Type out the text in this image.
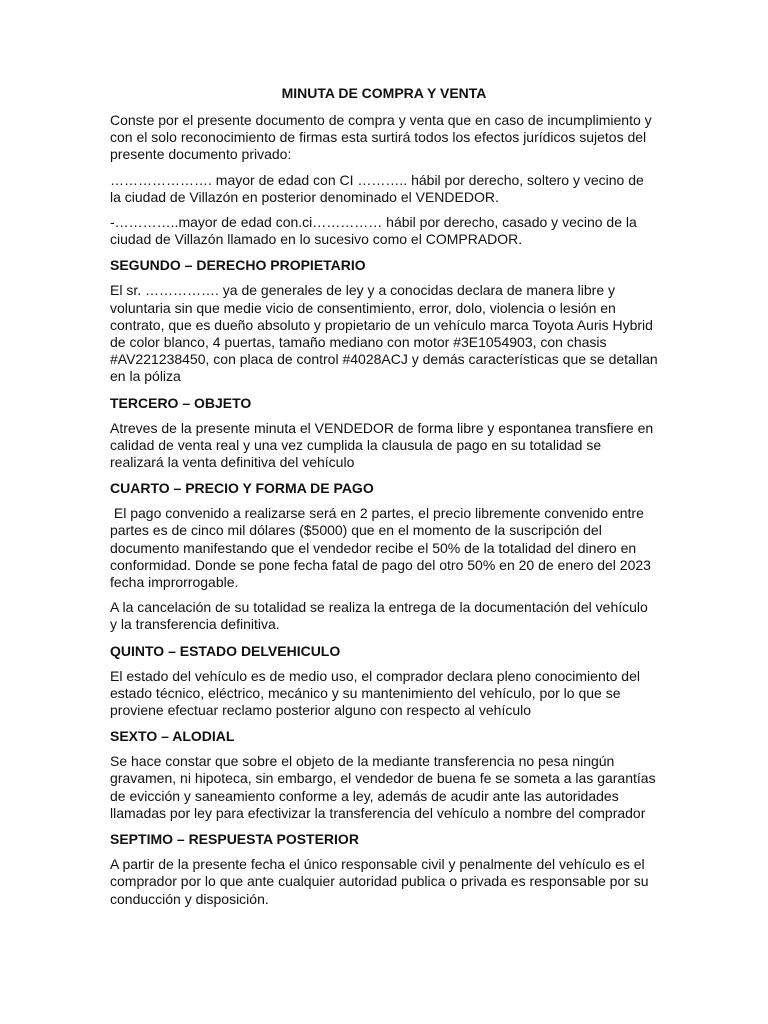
MINUTA DE COMPRA Y VENTA

Conste por el presente documento de compra y venta que en caso de incumplimiento y con el solo reconocimiento de firmas esta surtirá todos los efectos jurídicos sujetos del presente documento privado:

…………………. mayor de edad con CI ……….. hábil por derecho, soltero y vecino de la ciudad de Villazón en posterior denominado el VENDEDOR.

-…………..mayor de edad con.ci…………… hábil por derecho, casado y vecino de la ciudad de Villazón llamado en lo sucesivo como el COMPRADOR.

SEGUNDO – DERECHO PROPIETARIO

El sr. ……………. ya de generales de ley y a conocidas declara de manera libre y voluntaria sin que medie vicio de consentimiento, error, dolo, violencia o lesión en contrato, que es dueño absoluto y propietario de un vehículo marca Toyota Auris Hybrid de color blanco, 4 puertas, tamaño mediano con motor #3E1054903, con chasis #AV221238450, con placa de control #4028ACJ y demás características que se detallan en la póliza

TERCERO – OBJETO

Atreves de la presente minuta el VENDEDOR de forma libre y espontanea transfiere en calidad de venta real y una vez cumplida la clausula de pago en su totalidad se realizará la venta definitiva del vehículo

CUARTO – PRECIO Y FORMA DE PAGO

El pago convenido a realizarse será en 2 partes, el precio libremente convenido entre partes es de cinco mil dólares ($5000) que en el momento de la suscripción del documento manifestando que el vendedor recibe el 50% de la totalidad del dinero en conformidad. Donde se pone fecha fatal de pago del otro 50% en 20 de enero del 2023 fecha improrrogable.

A la cancelación de su totalidad se realiza la entrega de la documentación del vehículo y la transferencia definitiva.

QUINTO – ESTADO DELVEHICULO

El estado del vehículo es de medio uso, el comprador declara pleno conocimiento del estado técnico, eléctrico, mecánico y su mantenimiento del vehículo, por lo que se proviene efectuar reclamo posterior alguno con respecto al vehículo

SEXTO – ALODIAL

Se hace constar que sobre el objeto de la mediante transferencia no pesa ningún gravamen, ni hipoteca, sin embargo, el vendedor de buena fe se someta a las garantías de evicción y saneamiento conforme a ley, además de acudir ante las autoridades llamadas por ley para efectivizar la transferencia del vehículo a nombre del comprador

SEPTIMO – RESPUESTA POSTERIOR

A partir de la presente fecha el único responsable civil y penalmente del vehículo es el comprador por lo que ante cualquier autoridad publica o privada es responsable por su conducción y disposición.
